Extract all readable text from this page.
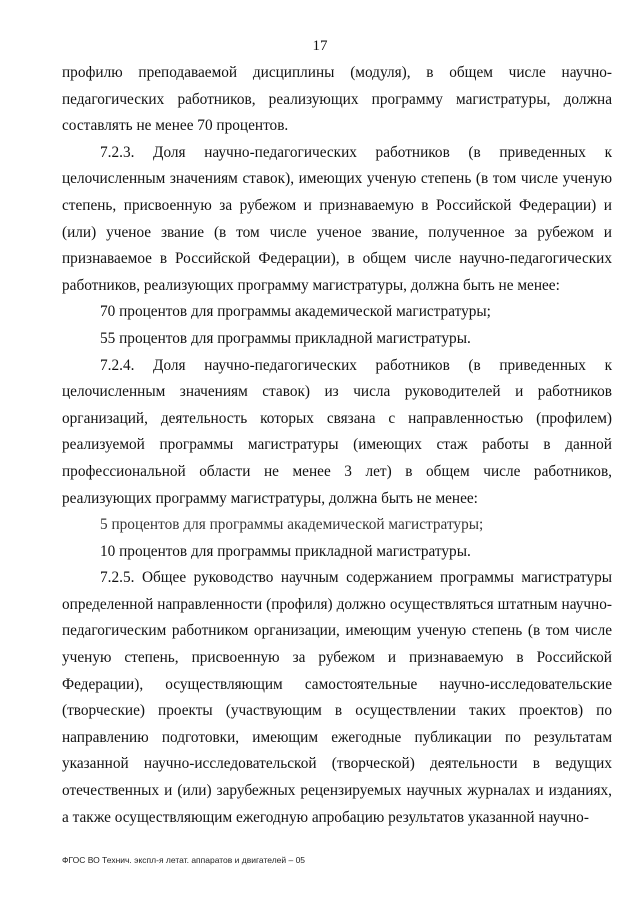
17

профилю преподаваемой дисциплины (модуля), в общем числе научно-педагогических работников, реализующих программу магистратуры, должна составлять не менее 70 процентов.

7.2.3. Доля научно-педагогических работников (в приведенных к целочисленным значениям ставок), имеющих ученую степень (в том числе ученую степень, присвоенную за рубежом и признаваемую в Российской Федерации) и (или) ученое звание (в том числе ученое звание, полученное за рубежом и признаваемое в Российской Федерации), в общем числе научно-педагогических работников, реализующих программу магистратуры, должна быть не менее:

70 процентов для программы академической магистратуры;

55 процентов для программы прикладной магистратуры.

7.2.4. Доля научно-педагогических работников (в приведенных к целочисленным значениям ставок) из числа руководителей и работников организаций, деятельность которых связана с направленностью (профилем) реализуемой программы магистратуры (имеющих стаж работы в данной профессиональной области не менее 3 лет) в общем числе работников, реализующих программу магистратуры, должна быть не менее:

5 процентов для программы академической магистратуры;

10 процентов для программы прикладной магистратуры.

7.2.5. Общее руководство научным содержанием программы магистратуры определенной направленности (профиля) должно осуществляться штатным научно-педагогическим работником организации, имеющим ученую степень (в том числе ученую степень, присвоенную за рубежом и признаваемую в Российской Федерации), осуществляющим самостоятельные научно-исследовательские (творческие) проекты (участвующим в осуществлении таких проектов) по направлению подготовки, имеющим ежегодные публикации по результатам указанной научно-исследовательской (творческой) деятельности в ведущих отечественных и (или) зарубежных рецензируемых научных журналах и изданиях, а также осуществляющим ежегодную апробацию результатов указанной научно-

ФГОС ВО Технич. экспл-я летат. аппаратов и двигателей – 05
